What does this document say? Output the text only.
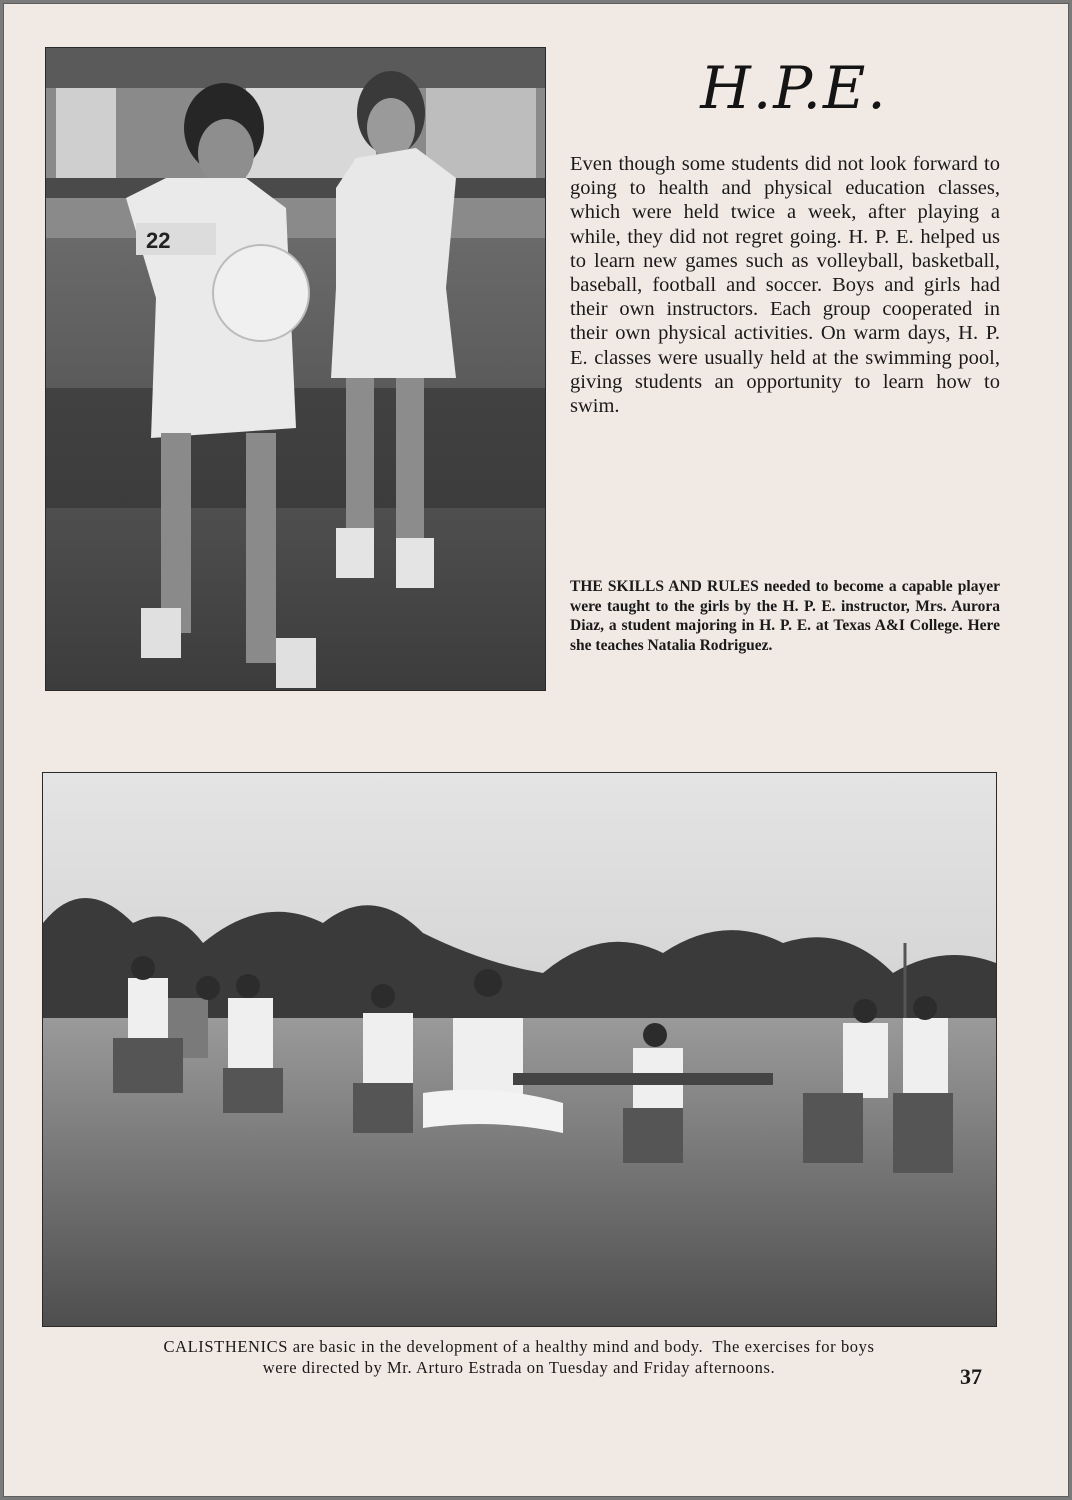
22
H.P.E.

Even though some students did not look forward to going to health and physical education classes, which were held twice a week, after playing a while, they did not regret going. H. P. E. helped us to learn new games such as volleyball, basketball, baseball, football and soccer. Boys and girls had their own instructors. Each group cooperated in their own physical activities. On warm days, H. P. E. classes were usually held at the swimming pool, giving students an opportunity to learn how to swim.

THE SKILLS AND RULES needed to become a capable player were taught to the girls by the H. P. E. instructor, Mrs. Aurora Diaz, a student majoring in H. P. E. at Texas A&I College. Here she teaches Natalia Rodriguez.

CALISTHENICS are basic in the development of a healthy mind and body.  The exercises for boys
were directed by Mr. Arturo Estrada on Tuesday and Friday afternoons.	37
